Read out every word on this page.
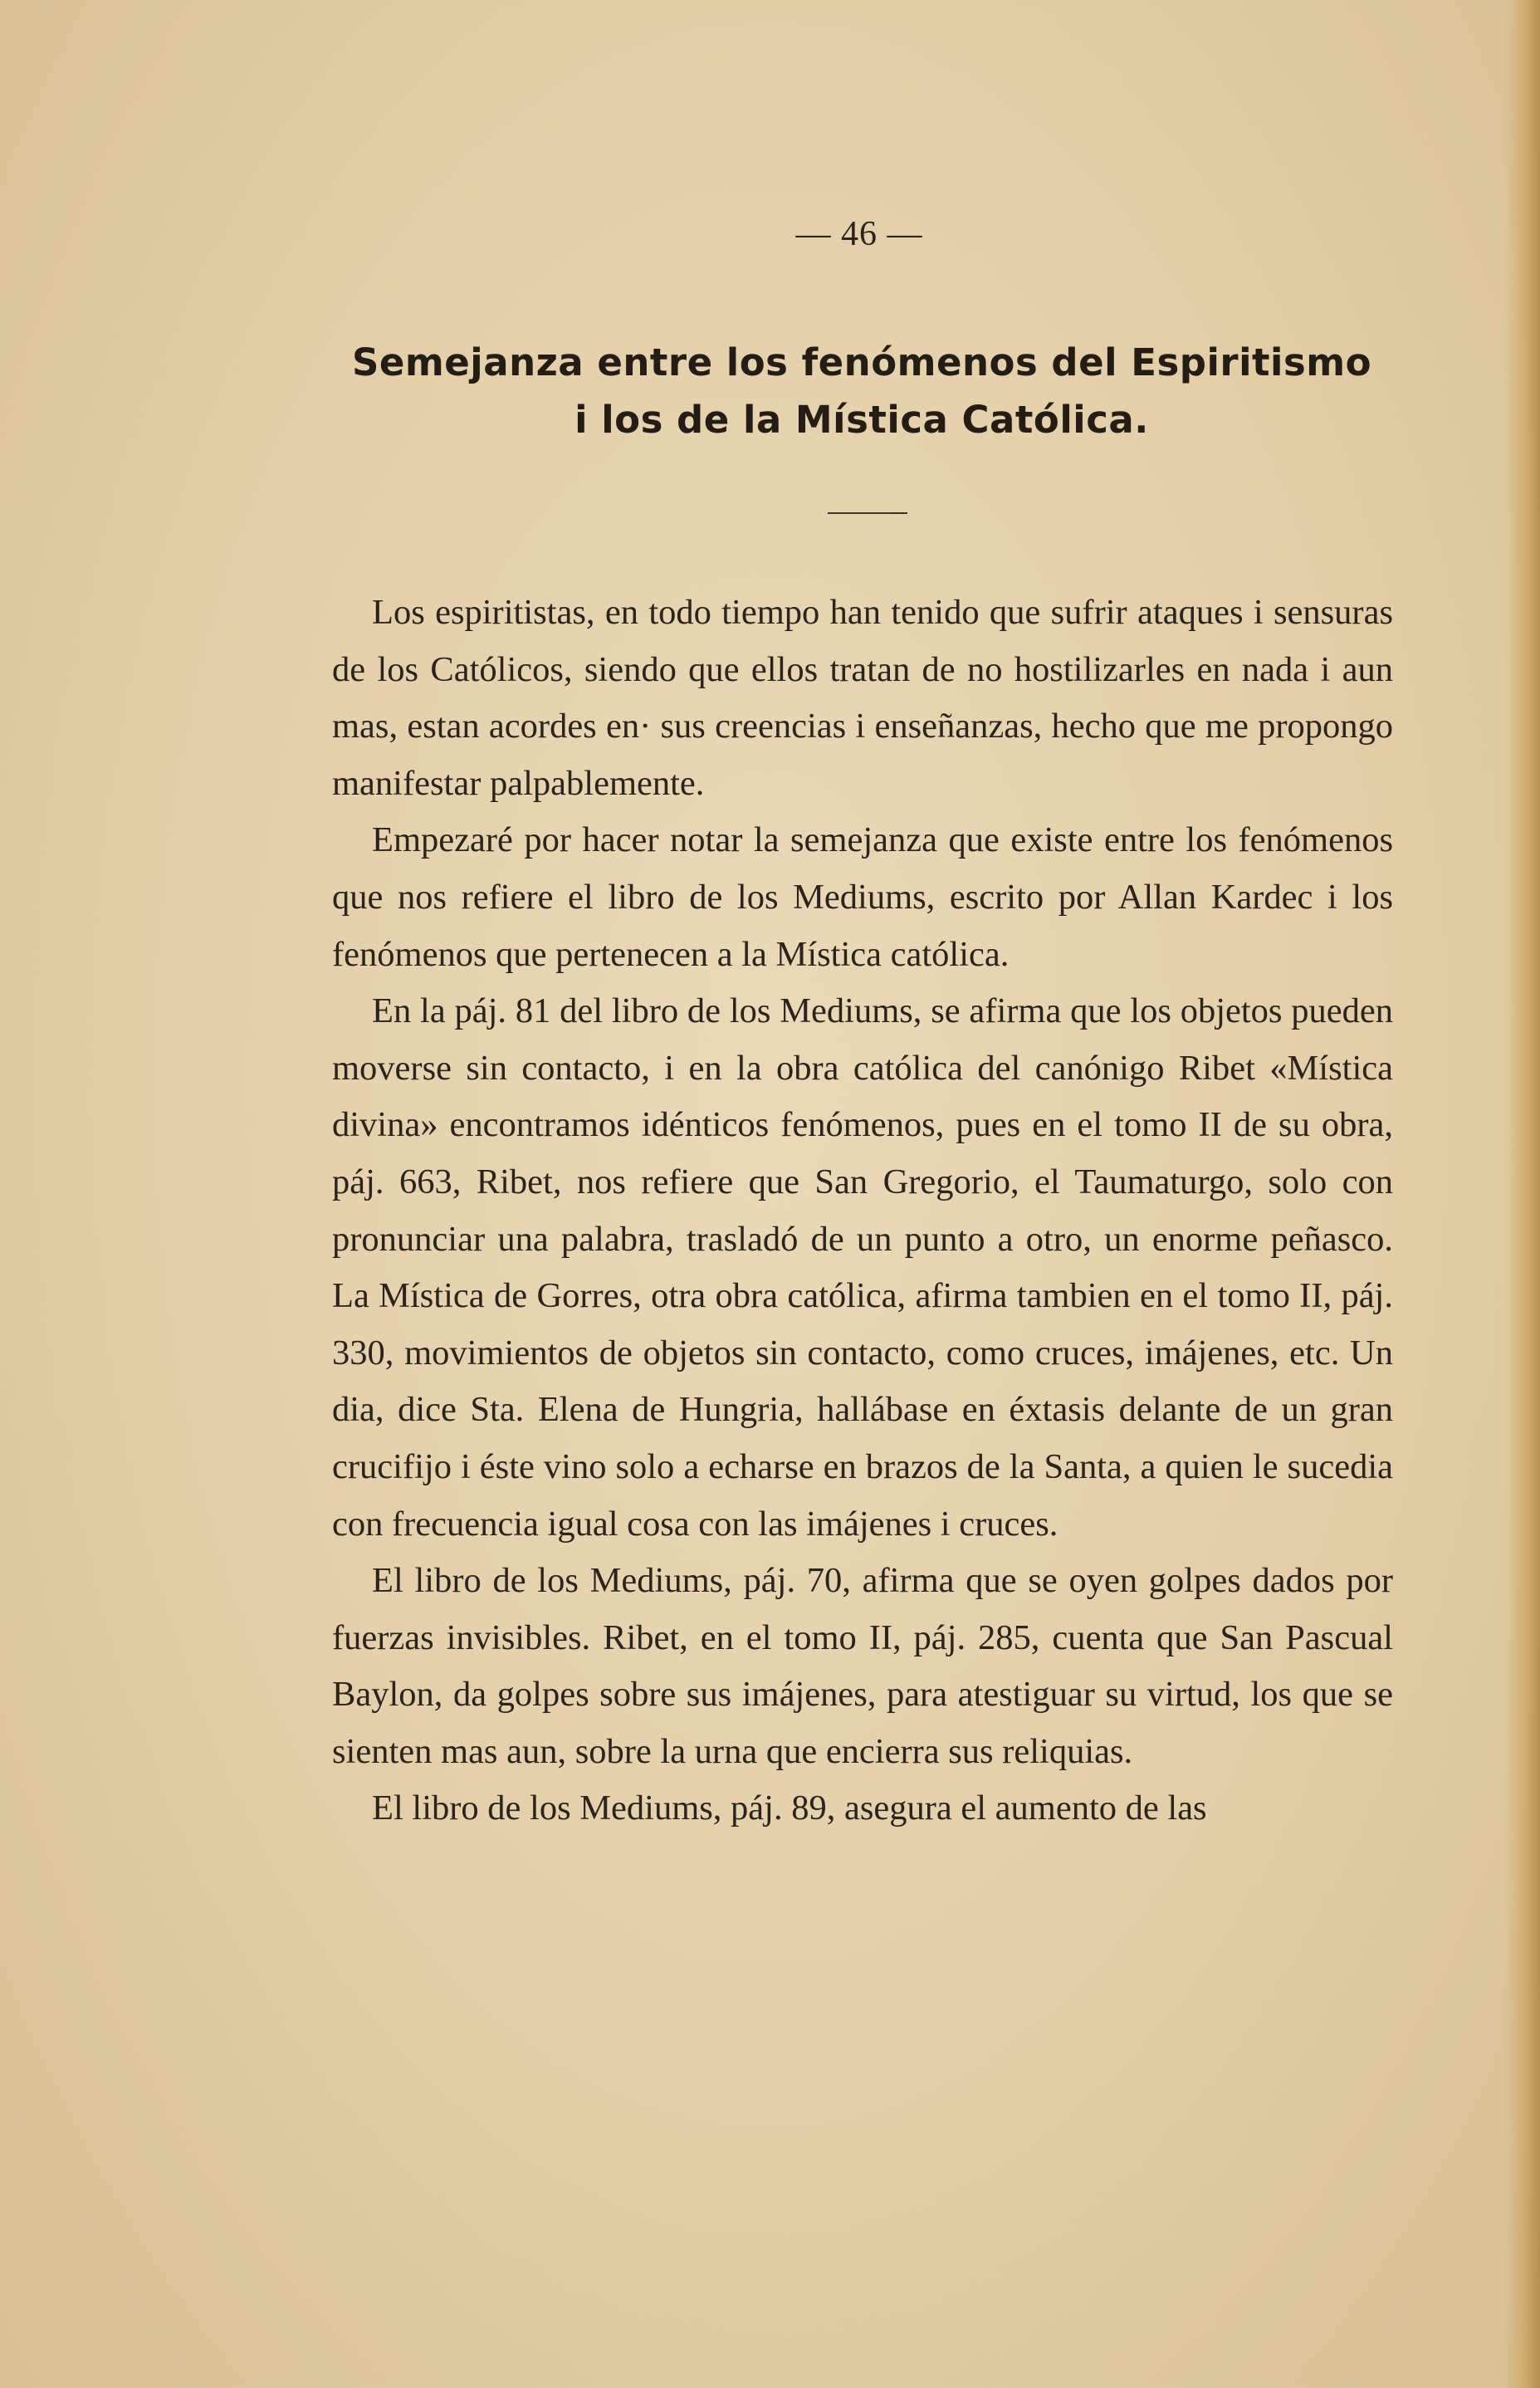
— 46 —
Semejanza entre los fenómenos del Espiritismo
i los de la Mística Católica.

Los espiritistas, en todo tiempo han tenido que sufrir ataques i sensuras de los Católicos, siendo que ellos tratan de no hostilizarles en nada i aun mas, estan acordes en· sus creencias i enseñanzas, hecho que me propongo manifestar palpablemente.

Empezaré por hacer notar la semejanza que existe entre los fenómenos que nos refiere el libro de los Mediums, escrito por Allan Kardec i los fenómenos que pertenecen a la Mística católica.

En la páj. 81 del libro de los Mediums, se afirma que los objetos pueden moverse sin contacto, i en la obra católica del canónigo Ribet «Mística divina» encontramos idénticos fenómenos, pues en el tomo II de su obra, páj. 663, Ribet, nos refiere que San Gregorio, el Taumaturgo, solo con pronunciar una palabra, trasladó de un punto a otro, un enorme peñasco. La Mística de Gorres, otra obra católica, afirma tambien en el tomo II, páj. 330, movimientos de objetos sin contacto, como cruces, imájenes, etc. Un dia, dice Sta. Elena de Hungria, hallábase en éxtasis delante de un gran crucifijo i éste vino solo a echarse en brazos de la Santa, a quien le sucedia con frecuencia igual cosa con las imájenes i cruces.

El libro de los Mediums, páj. 70, afirma que se oyen golpes dados por fuerzas invisibles. Ribet, en el tomo II, páj. 285, cuenta que San Pascual Baylon, da golpes sobre sus imájenes, para atestiguar su virtud, los que se sienten mas aun, sobre la urna que encierra sus reliquias.

El libro de los Mediums, páj. 89, asegura el aumento de las
